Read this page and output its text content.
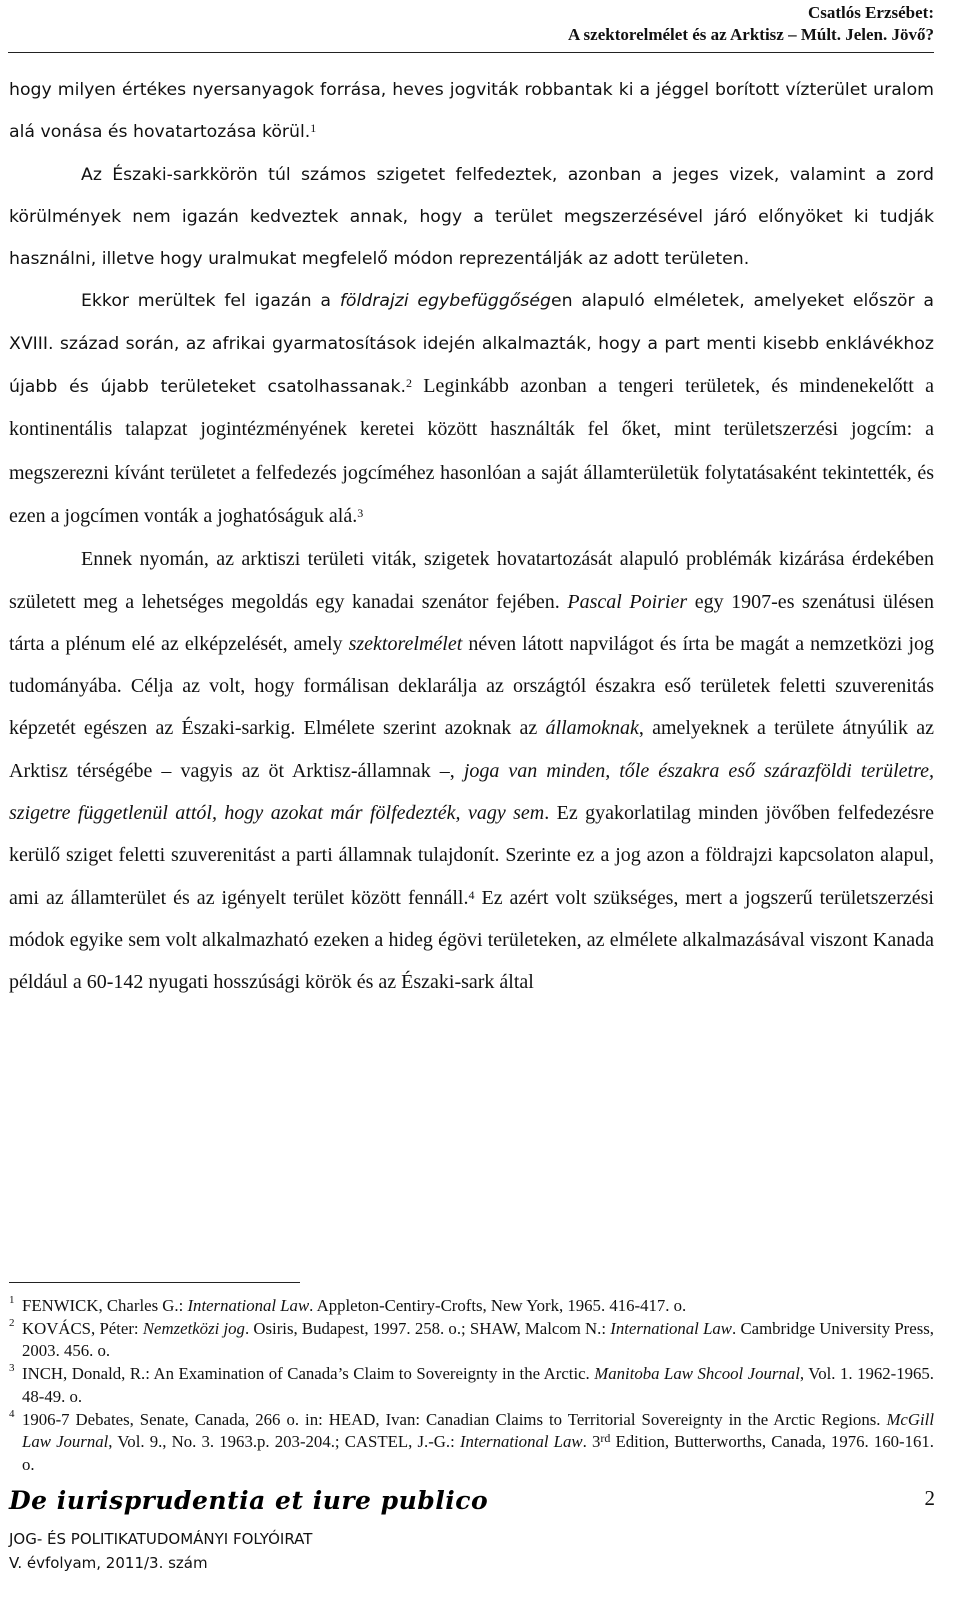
Csatlós Erzsébet:
A szektorelmélet és az Arktisz – Múlt. Jelen. Jövő?

hogy milyen értékes nyersanyagok forrása, heves jogviták robbantak ki a jéggel borított vízterület uralom alá vonása és hovatartozása körül.$^1$

Az Északi-sarkkörön túl számos szigetet felfedeztek, azonban a jeges vizek, valamint a zord körülmények nem igazán kedveztek annak, hogy a terület megszerzésével járó előnyöket ki tudják használni, illetve hogy uralmukat megfelelő módon reprezentálják az adott területen.

Ekkor merültek fel igazán a földrajzi egybefüggőségen alapuló elméletek, amelyeket először a XVIII. század során, az afrikai gyarmatosítások idején alkalmazták, hogy a part menti kisebb enklávékhoz újabb és újabb területeket csatolhassanak.$^2$ Leginkább azonban a tengeri területek, és mindenekelőtt a kontinentális talapzat jogintézményének keretei között használták fel őket, mint területszerzési jogcím: a megszerezni kívánt területet a felfedezés jogcíméhez hasonlóan a saját államterületük folytatásaként tekintették, és ezen a jogcímen vonták a joghatóságuk alá.$^3$

Ennek nyomán, az arktiszi területi viták, szigetek hovatartozását alapuló problémák kizárása érdekében született meg a lehetséges megoldás egy kanadai szenátor fejében. Pascal Poirier egy 1907-es szenátusi ülésen tárta a plénum elé az elképzelését, amely szektorelmélet néven látott napvilágot és írta be magát a nemzetközi jog tudományába. Célja az volt, hogy formálisan deklarálja az országtól északra eső területek feletti szuverenitás képzetét egészen az Északi-sarkig. Elmélete szerint azoknak az államoknak, amelyeknek a területe átnyúlik az Arktisz térségébe – vagyis az öt Arktisz-államnak –, joga van minden, tőle északra eső szárazföldi területre, szigetre függetlenül attól, hogy azokat már fölfedezték, vagy sem. Ez gyakorlatilag minden jövőben felfedezésre kerülő sziget feletti szuverenitást a parti államnak tulajdonít. Szerinte ez a jog azon a földrajzi kapcsolaton alapul, ami az államterület és az igényelt terület között fennáll.$^4$ Ez azért volt szükséges, mert a jogszerű területszerzési módok egyike sem volt alkalmazható ezeken a hideg égövi területeken, az elmélete alkalmazásával viszont Kanada például a 60-142 nyugati hosszúsági körök és az Északi-sark által

1 FENWICK, Charles G.: International Law. Appleton-Centiry-Crofts, New York, 1965. 416-417. o.

2 KOVÁCS, Péter: Nemzetközi jog. Osiris, Budapest, 1997. 258. o.; SHAW, Malcom N.: International Law. Cambridge University Press, 2003. 456. o.

3 INCH, Donald, R.: An Examination of Canada’s Claim to Sovereignty in the Arctic. Manitoba Law Shcool Journal, Vol. 1. 1962-1965. 48-49. o.

4 1906-7 Debates, Senate, Canada, 266 o. in: HEAD, Ivan: Canadian Claims to Territorial Sovereignty in the Arctic Regions. McGill Law Journal, Vol. 9., No. 3. 1963.p. 203-204.; CASTEL, J.-G.: International Law. 3rd Edition, Butterworths, Canada, 1976. 160-161. o.

De iurisprudentia et iure publico	2
JOG- ÉS POLITIKATUDOMÁNYI FOLYÓIRAT
V. évfolyam, 2011/3. szám
